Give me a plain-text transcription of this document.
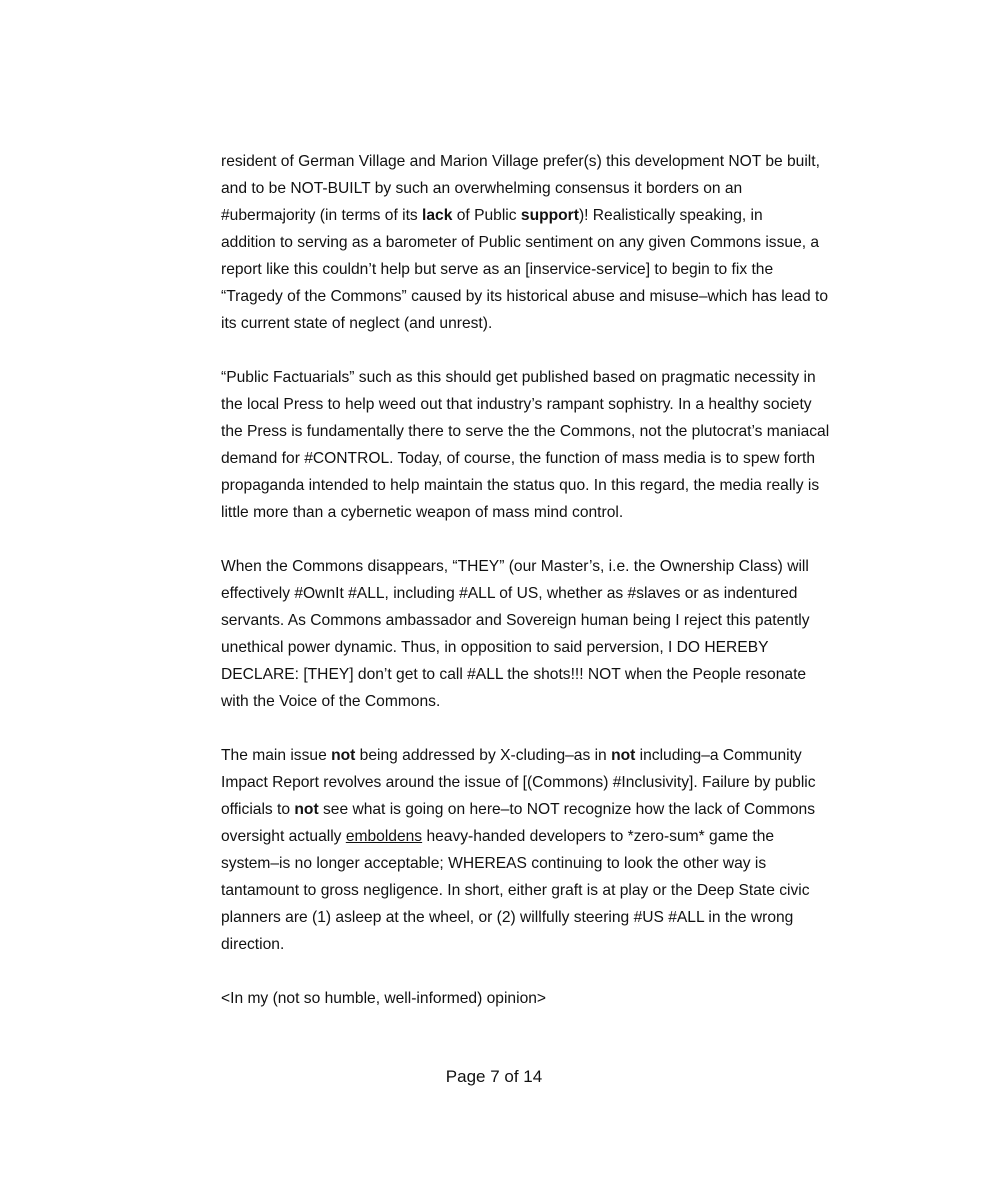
resident of German Village and Marion Village prefer(s) this development NOT be built,
and to be NOT-BUILT by such an overwhelming consensus it borders on an
#ubermajority (in terms of its lack of Public support)! Realistically speaking, in
addition to serving as a barometer of Public sentiment on any given Commons issue, a
report like this couldn’t help but serve as an [inservice-service] to begin to fix the
“Tragedy of the Commons” caused by its historical abuse and misuse–which has lead to
its current state of neglect (and unrest).

“Public Factuarials” such as this should get published based on pragmatic necessity in
the local Press to help weed out that industry’s rampant sophistry. In a healthy society
the Press is fundamentally there to serve the the Commons, not the plutocrat’s maniacal
demand for #CONTROL. Today, of course, the function of mass media is to spew forth
propaganda intended to help maintain the status quo. In this regard, the media really is
little more than a cybernetic weapon of mass mind control.

When the Commons disappears, “THEY” (our Master’s, i.e. the Ownership Class) will
effectively #OwnIt #ALL, including #ALL of US, whether as #slaves or as indentured
servants. As Commons ambassador and Sovereign human being I reject this patently
unethical power dynamic. Thus, in opposition to said perversion, I DO HEREBY
DECLARE: [THEY] don’t get to call #ALL the shots!!! NOT when the People resonate
with the Voice of the Commons.

The main issue not being addressed by X-cluding–as in not including–a Community
Impact Report revolves around the issue of [(Commons) #Inclusivity]. Failure by public
officials to not see what is going on here–to NOT recognize how the lack of Commons
oversight actually emboldens heavy-handed developers to *zero-sum* game the
system–is no longer acceptable; WHEREAS continuing to look the other way is
tantamount to gross negligence. In short, either graft is at play or the Deep State civic
planners are (1) asleep at the wheel, or (2) willfully steering #US #ALL in the wrong
direction.

<In my (not so humble, well-informed) opinion>

Page 7 of 14
